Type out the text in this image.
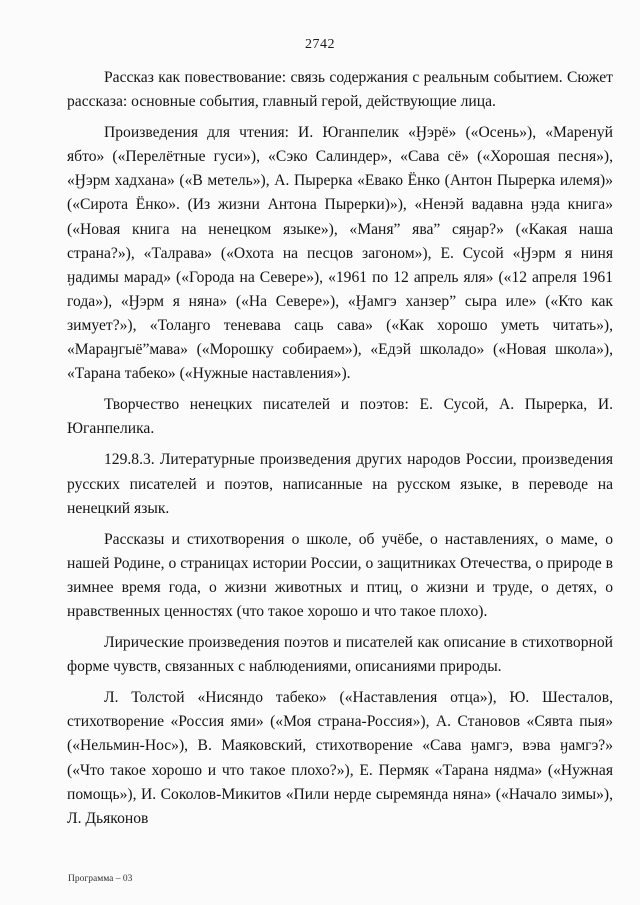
2742

Рассказ как повествование: связь содержания с реальным событием. Сюжет рассказа: основные события, главный герой, действующие лица.

Произведения для чтения: И. Юганпелик «Ӈэрё» («Осень»), «Маренуй ябто» («Перелётные гуси»), «Сэко Салиндер», «Сава сё» («Хорошая песня»), «Ӈэрм хадхана» («В метель»), А. Пырерка «Евако Ёнко (Антон Пырерка илемя)» («Сирота Ёнко». (Из жизни Антона Пырерки)»), «Ненэй вадавна ӈэда книга» («Новая книга на ненецком языке»), «Маня” ява” сяӈар?» («Какая наша страна?»), «Талрава» («Охота на песцов загоном»), Е. Сусой «Ӈэрм я ниня ӈадимы марад» («Города на Севере»), «1961 по 12 апрель яля» («12 апреля 1961 года»), «Ӈэрм я няна» («На Севере»), «Ӈамгэ ханзер” сыра иле» («Кто как зимует?»), «Толаӈго теневава саць сава» («Как хорошо уметь читать»), «Мараӈгыё”мава» («Морошку собираем»), «Едэй школадо» («Новая школа»), «Тарана табеко» («Нужные наставления»).

Творчество ненецких писателей и поэтов: Е. Сусой, А. Пырерка, И. Юганпелика.

129.8.3. Литературные произведения других народов России, произведения русских писателей и поэтов, написанные на русском языке, в переводе на ненецкий язык.

Рассказы и стихотворения о школе, об учёбе, о наставлениях, о маме, о нашей Родине, о страницах истории России, о защитниках Отечества, о природе в зимнее время года, о жизни животных и птиц, о жизни и труде, о детях, о нравственных ценностях (что такое хорошо и что такое плохо).

Лирические произведения поэтов и писателей как описание в стихотворной форме чувств, связанных с наблюдениями, описаниями природы.

Л. Толстой «Нисяндо табеко» («Наставления отца»), Ю. Шесталов, стихотворение «Россия ями» («Моя страна-Россия»), А. Становов «Сявта пыя» («Нельмин-Нос»), В. Маяковский, стихотворение «Сава ӈамгэ, вэва ӈамгэ?» («Что такое хорошо и что такое плохо?»), Е. Пермяк «Тарана нядма» («Нужная помощь»), И. Соколов-Микитов «Пили нерде сыремянда няна» («Начало зимы»), Л. Дьяконов

Программа – 03
